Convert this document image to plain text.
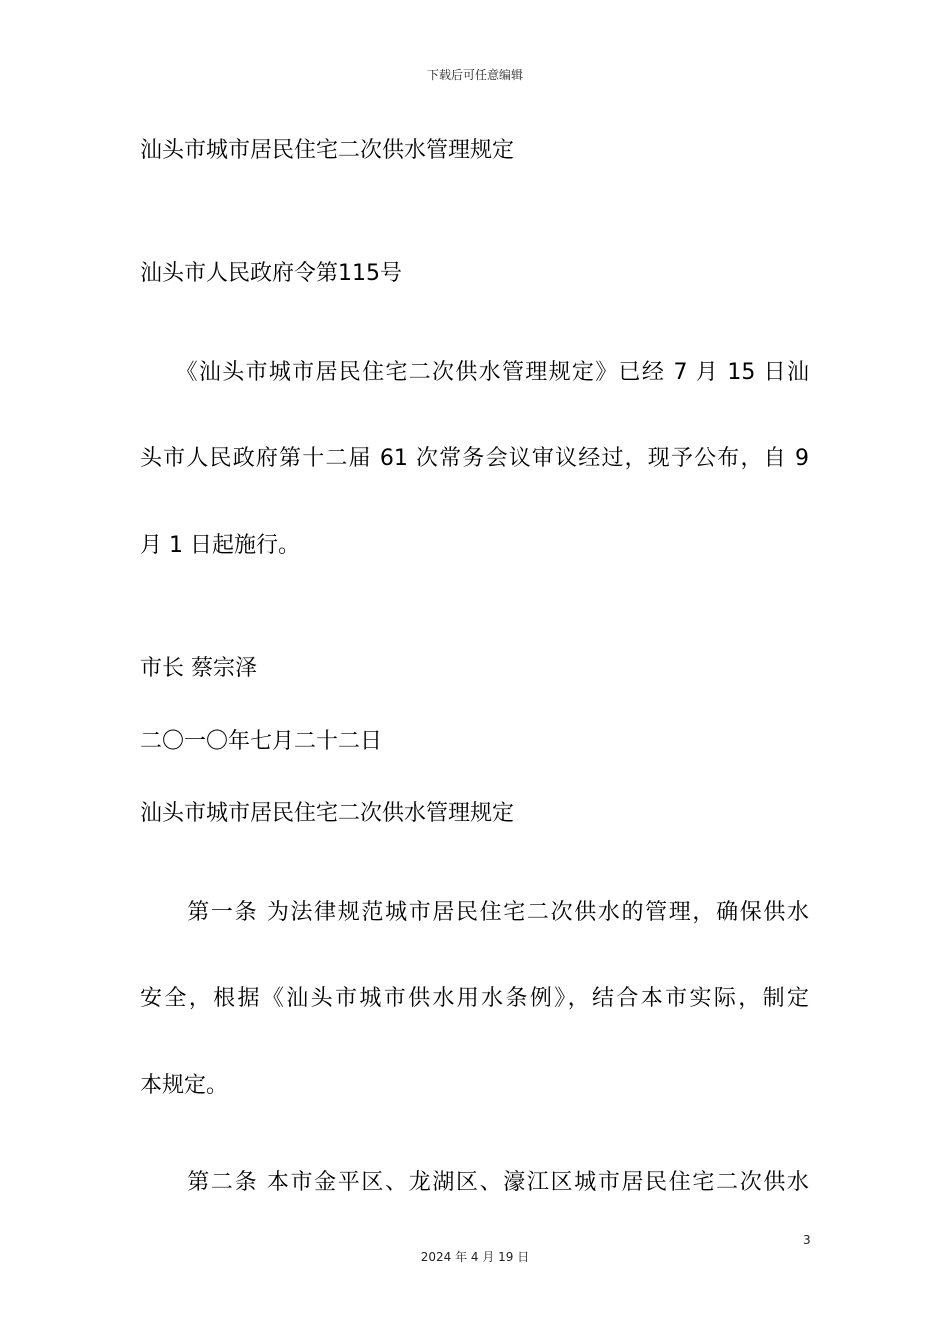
下载后可任意编辑
汕头市城市居民住宅二次供水管理规定
汕头市人民政府令第115号
　　《汕头市城市居民住宅二次供水管理规定》已经 7 月 15 日汕
头市人民政府第十二届 61 次常务会议审议经过，现予公布，自 9
月 1 日起施行。
市长 蔡宗泽
二〇一〇年七月二十二日
汕头市城市居民住宅二次供水管理规定
　　第一条 为法律规范城市居民住宅二次供水的管理，确保供水
安全，根据《汕头市城市供水用水条例》，结合本市实际，制定
本规定。
　　第二条 本市金平区、龙湖区、濠江区城市居民住宅二次供水
3
2024 年 4 月 19 日
